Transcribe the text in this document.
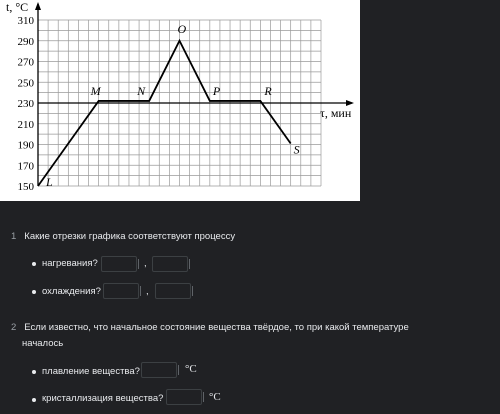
t, °C
τ, мин
310
290
270
250
230
210
190
170
150 L
M	N
O
P	R
S
1 Какие отрезки графика соответствуют процессу
нагревания?	,
охлаждения?	,
2 Если известно, что начальное состояние вещества твёрдое, то при какой температуре
началось
плавление вещества?	°C
кристаллизация вещества?	°C
